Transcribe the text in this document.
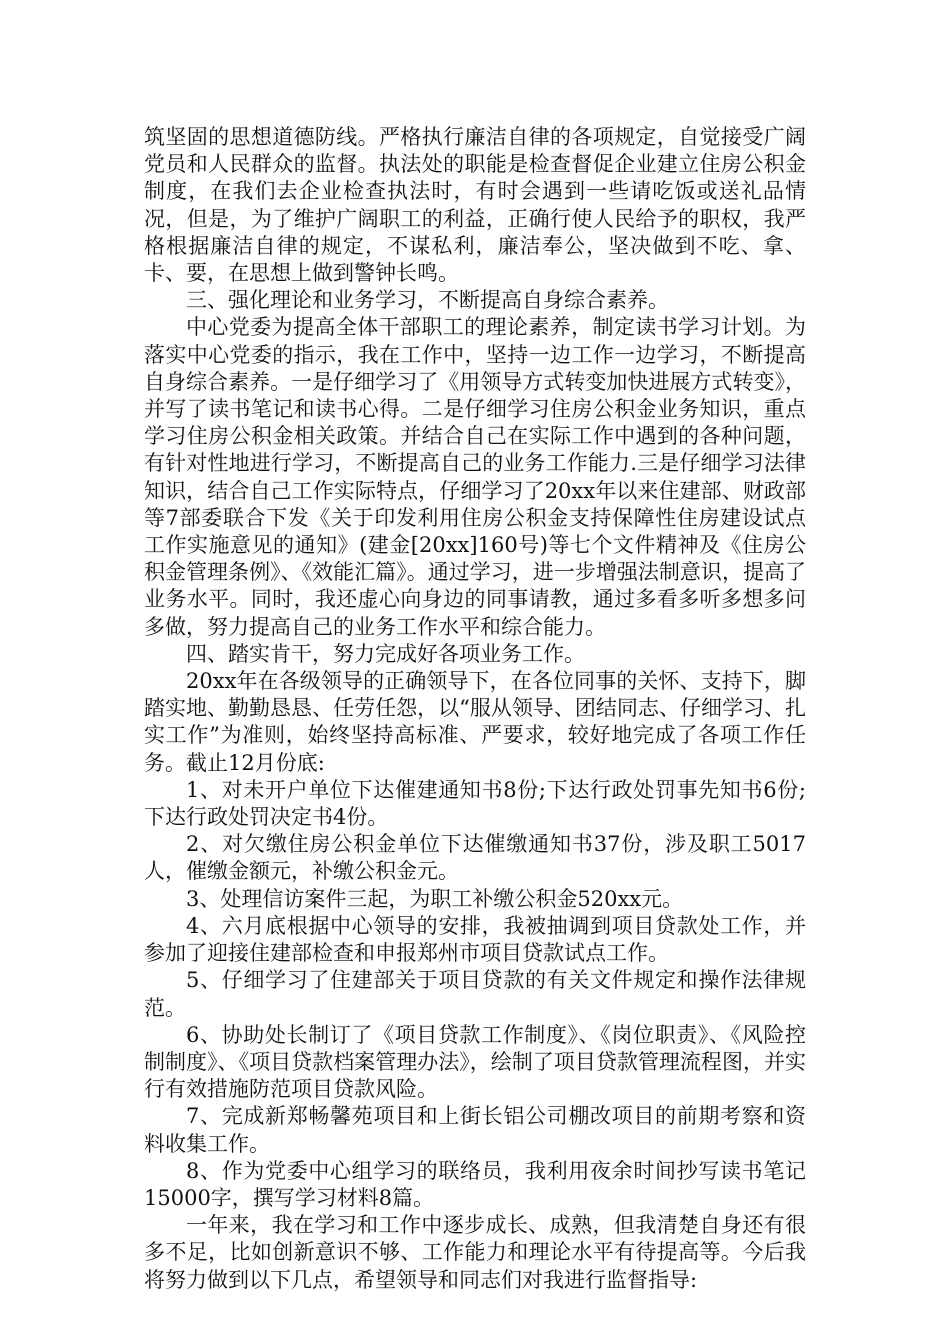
筑坚固的思想道德防线。严格执行廉洁自律的各项规定，自觉接受广阔党员和人民群众的监督。执法处的职能是检查督促企业建立住房公积金制度，在我们去企业检查执法时，有时会遇到一些请吃饭或送礼品情况，但是，为了维护广阔职工的利益，正确行使人民给予的职权，我严格根据廉洁自律的规定，不谋私利，廉洁奉公，坚决做到不吃、拿、卡、要，在思想上做到警钟长鸣。

三、强化理论和业务学习，不断提高自身综合素养。

中心党委为提高全体干部职工的理论素养，制定读书学习计划。为落实中心党委的指示，我在工作中，坚持一边工作一边学习，不断提高自身综合素养。一是仔细学习了《用领导方式转变加快进展方式转变》，并写了读书笔记和读书心得。二是仔细学习住房公积金业务知识，重点学习住房公积金相关政策。并结合自己在实际工作中遇到的各种问题，有针对性地进行学习，不断提高自己的业务工作能力.三是仔细学习法律知识，结合自己工作实际特点，仔细学习了20xx年以来住建部、财政部等7部委联合下发《关于印发利用住房公积金支持保障性住房建设试点工作实施意见的通知》(建金[20xx]160号)等七个文件精神及《住房公积金管理条例》、《效能汇篇》。通过学习，进一步增强法制意识，提高了业务水平。同时，我还虚心向身边的同事请教，通过多看多听多想多问多做，努力提高自己的业务工作水平和综合能力。

四、踏实肯干，努力完成好各项业务工作。

20xx年在各级领导的正确领导下，在各位同事的关怀、支持下，脚踏实地、勤勤恳恳、任劳任怨，以“服从领导、团结同志、仔细学习、扎实工作”为准则，始终坚持高标准、严要求，较好地完成了各项工作任务。截止12月份底:

1、对未开户单位下达催建通知书8份;下达行政处罚事先知书6份;下达行政处罚决定书4份。

2、对欠缴住房公积金单位下达催缴通知书37份，涉及职工5017人，催缴金额元，补缴公积金元。

3、处理信访案件三起，为职工补缴公积金520xx元。

4、六月底根据中心领导的安排，我被抽调到项目贷款处工作，并参加了迎接住建部检查和申报郑州市项目贷款试点工作。

5、仔细学习了住建部关于项目贷款的有关文件规定和操作法律规范。

6、协助处长制订了《项目贷款工作制度》、《岗位职责》、《风险控制制度》、《项目贷款档案管理办法》，绘制了项目贷款管理流程图，并实行有效措施防范项目贷款风险。

7、完成新郑畅馨苑项目和上街长铝公司棚改项目的前期考察和资料收集工作。

8、作为党委中心组学习的联络员，我利用夜余时间抄写读书笔记15000字，撰写学习材料8篇。

一年来，我在学习和工作中逐步成长、成熟，但我清楚自身还有很多不足，比如创新意识不够、工作能力和理论水平有待提高等。今后我将努力做到以下几点，希望领导和同志们对我进行监督指导:
